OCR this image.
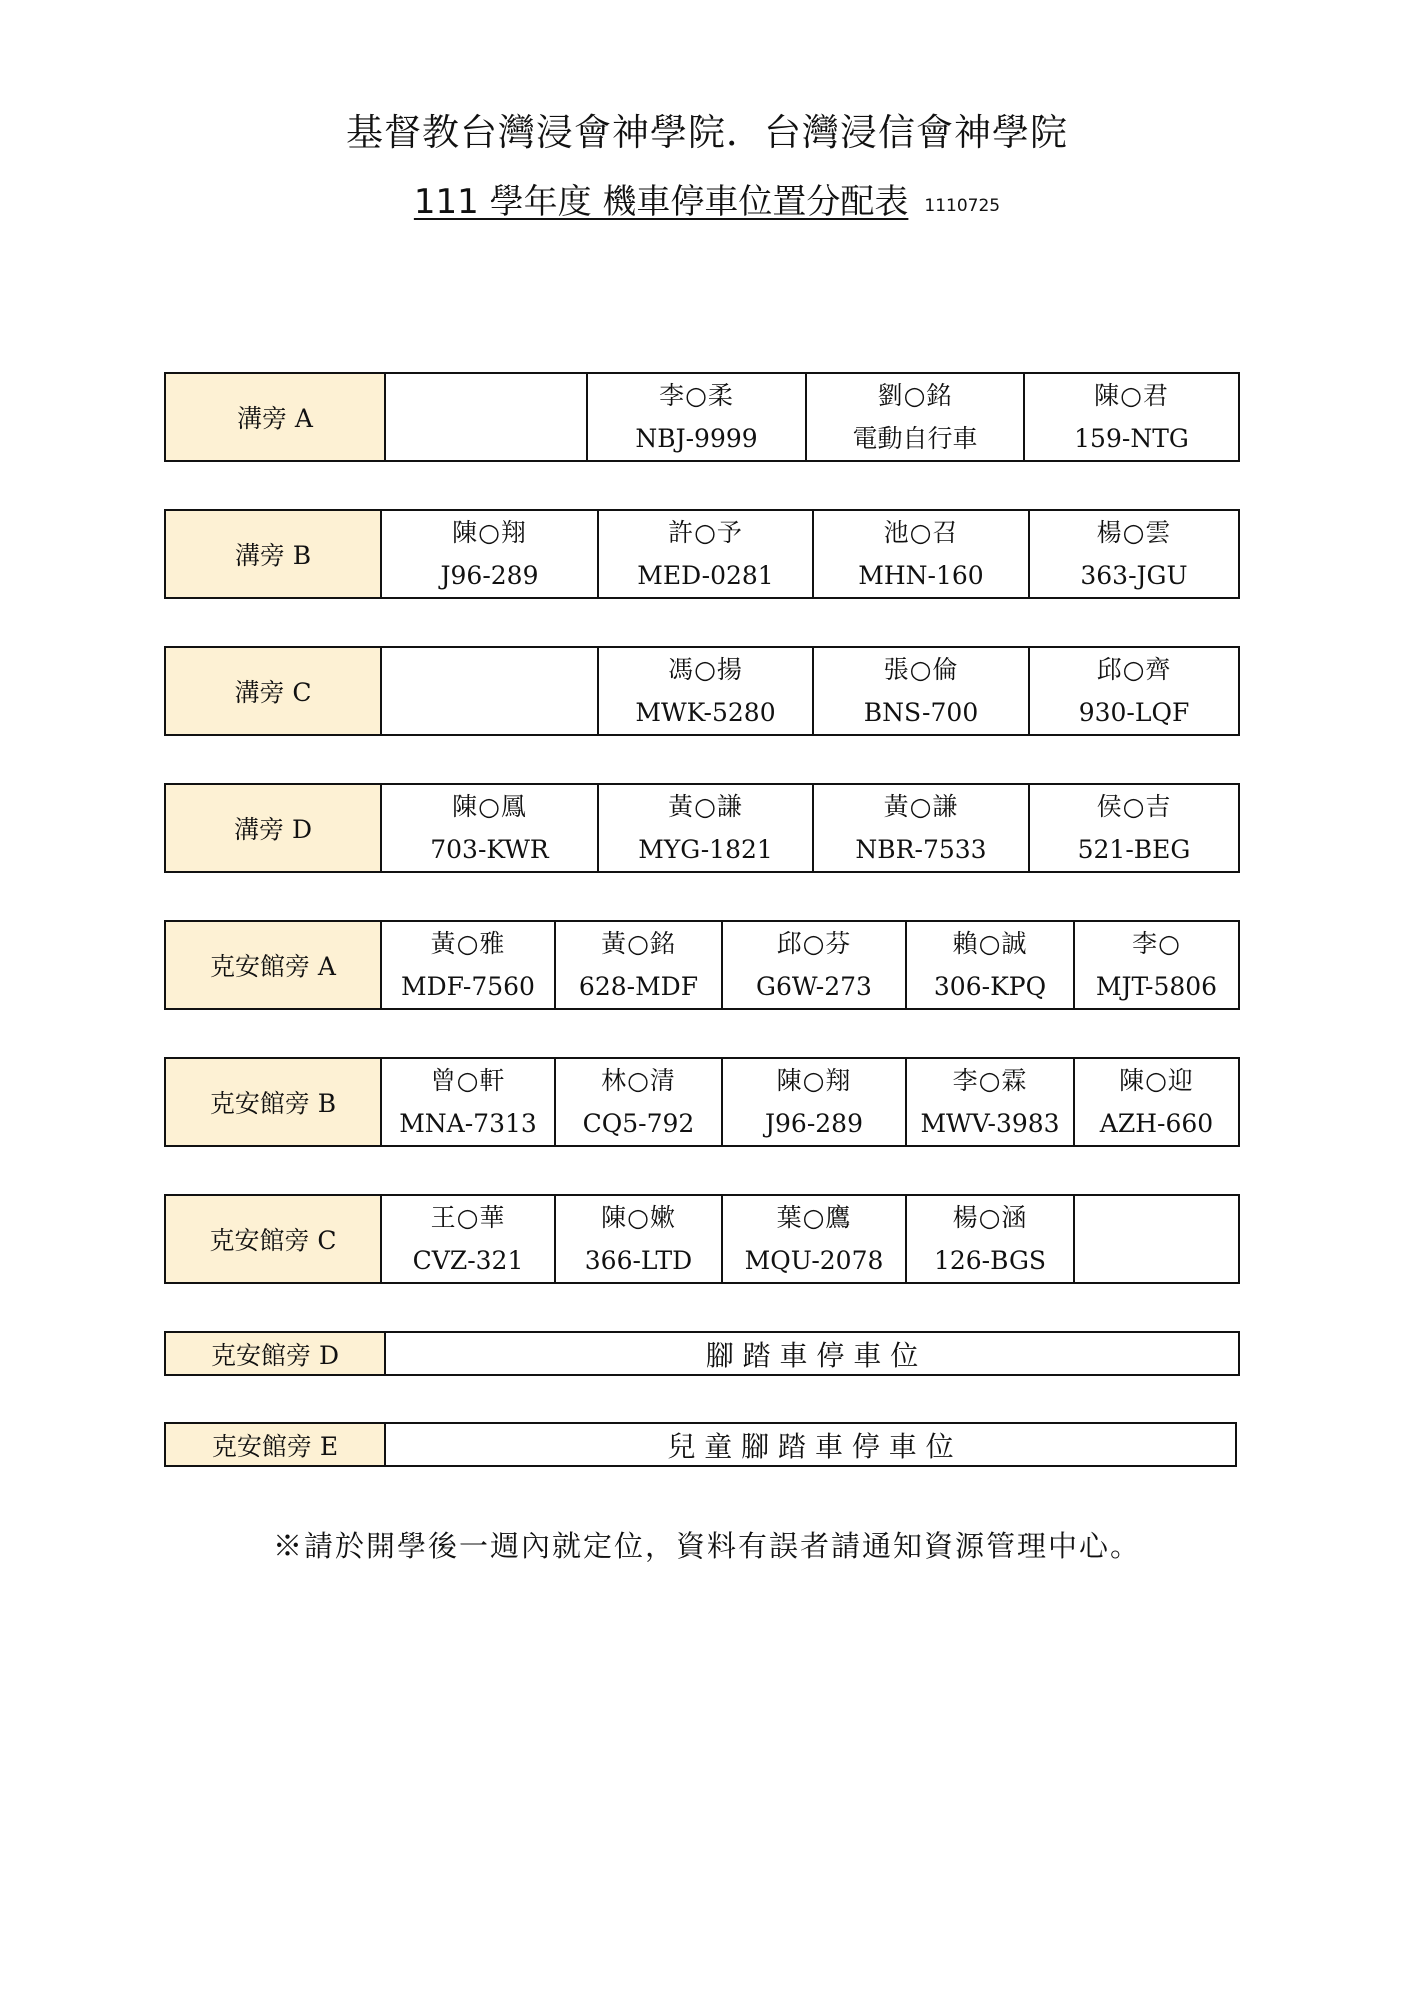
基督教台灣浸會神學院．台灣浸信會神學院
111 學年度 機車停車位置分配表 1110725
溝旁 A
李○柔
NBJ-9999
劉○銘
電動自行車
陳○君
159-NTG
溝旁 B
陳○翔
J96-289
許○予
MED-0281
池○召
MHN-160
楊○雲
363-JGU
溝旁 C
馮○揚
MWK-5280
張○倫
BNS-700
邱○齊
930-LQF
溝旁 D
陳○鳳
703-KWR
黃○謙
MYG-1821
黃○謙
NBR-7533
侯○吉
521-BEG
克安館旁 A
黃○雅
MDF-7560
黃○銘
628-MDF
邱○芬
G6W-273
賴○誠
306-KPQ
李○
MJT-5806
克安館旁 B
曾○軒
MNA-7313
林○清
CQ5-792
陳○翔
J96-289
李○霖
MWV-3983
陳○迎
AZH-660
克安館旁 C
王○華
CVZ-321
陳○嫰
366-LTD
葉○鷹
MQU-2078
楊○涵
126-BGS
克安館旁 D	腳 踏 車 停 車 位
克安館旁 E	兒 童 腳 踏 車 停 車 位
※請於開學後一週內就定位，資料有誤者請通知資源管理中心。
